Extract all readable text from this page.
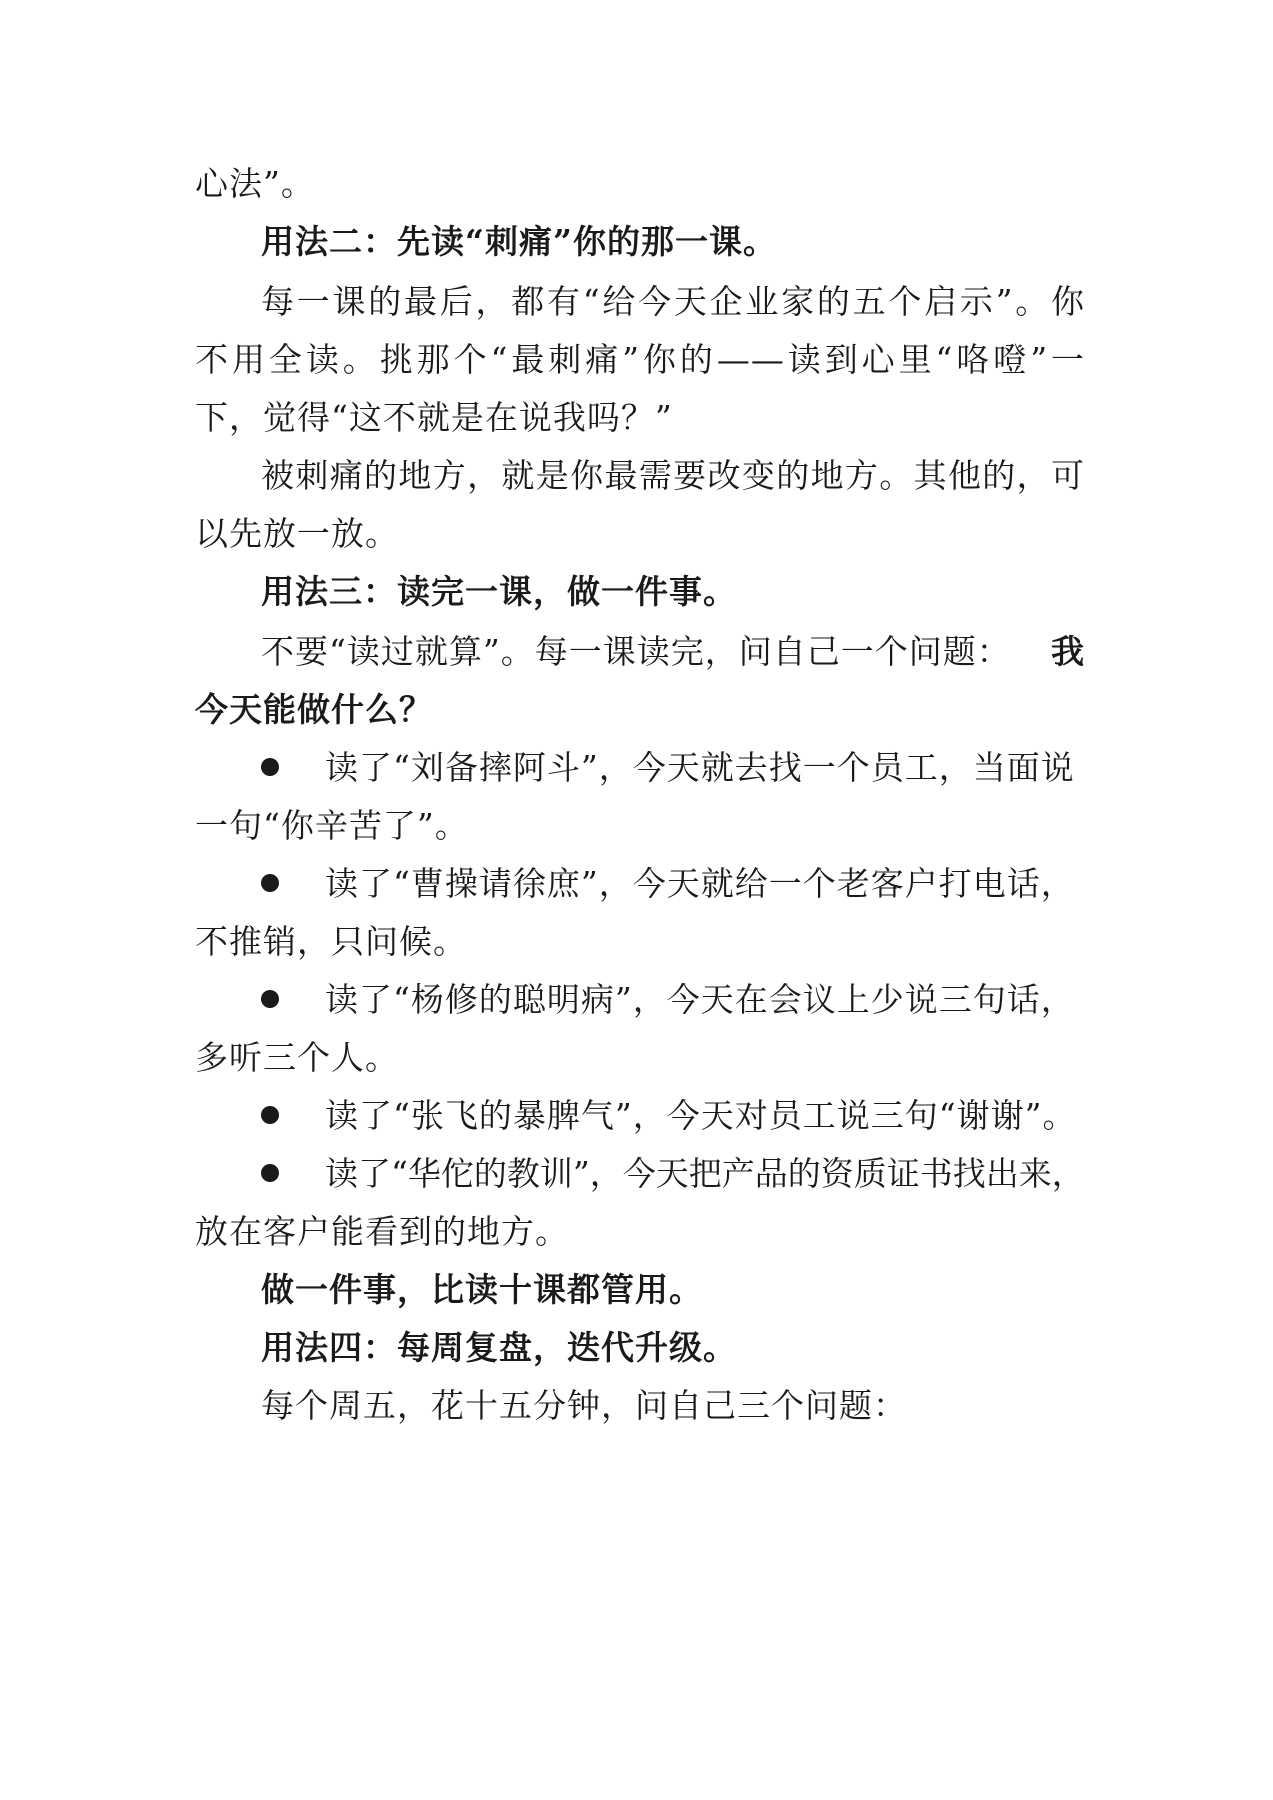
心法”。
用法二：先读“刺痛”你的那一课。
每一课的最后，都有“给今天企业家的五个启示”。你
不用全读。挑那个“最刺痛”你的——读到心里“咯噔”一
下，觉得“这不就是在说我吗？”
被刺痛的地方，就是你最需要改变的地方。其他的，可
以先放一放。
用法三：读完一课，做一件事。
不要“读过就算”。每一课读完，问自己一个问题： 我
今天能做什么？
读了“刘备摔阿斗”，今天就去找一个员工，当面说
一句“你辛苦了”。
读了“曹操请徐庶”，今天就给一个老客户打电话，
不推销，只问候。
读了“杨修的聪明病”，今天在会议上少说三句话，
多听三个人。
读了“张飞的暴脾气”，今天对员工说三句“谢谢”。
读了“华佗的教训”，今天把产品的资质证书找出来，
放在客户能看到的地方。
做一件事，比读十课都管用。
用法四：每周复盘，迭代升级。
每个周五，花十五分钟，问自己三个问题：
